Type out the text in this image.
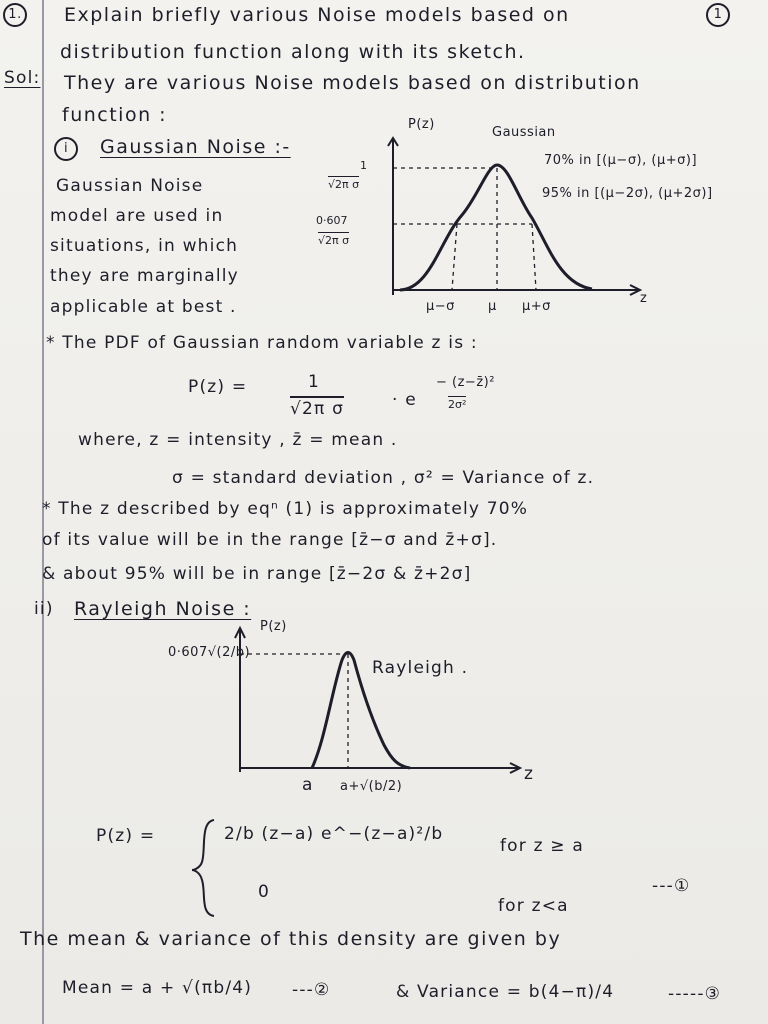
1. Explain briefly various Noise models based on	1
distribution function along with its sketch.
Sol: They are various Noise models based on distribution
function :
i	Gaussian Noise :-
Gaussian Noise
model are used in
situations, in which
they are marginally
applicable at best .
P(z)
Gaussian
1
√2π σ
0·607
√2π σ
μ−σ	μ μ+σ
z
70% in [(μ−σ), (μ+σ)]
95% in [(μ−2σ), (μ+2σ)]
* The PDF of Gaussian random variable z is :
P(z) =	1
√2π σ	· e
− (z−z̄)²
2σ²
where, z = intensity , z̄ = mean .
σ = standard deviation , σ² = Variance of z.
* The z described by eqⁿ (1) is approximately 70%
of its value will be in the range [z̄−σ and z̄+σ].
& about 95% will be in range [z̄−2σ & z̄+2σ]
ii) Rayleigh Noise :
P(z)
0·607√(2/b)
Rayleigh .
a a+√(b/2)
z
P(z) =	2/b (z−a) e^−(z−a)²/b
for z ≥ a
0
for z<a
---①
The mean & variance of this density are given by
Mean = a + √(πb/4) ---②	& Variance = b(4−π)/4	-----③
